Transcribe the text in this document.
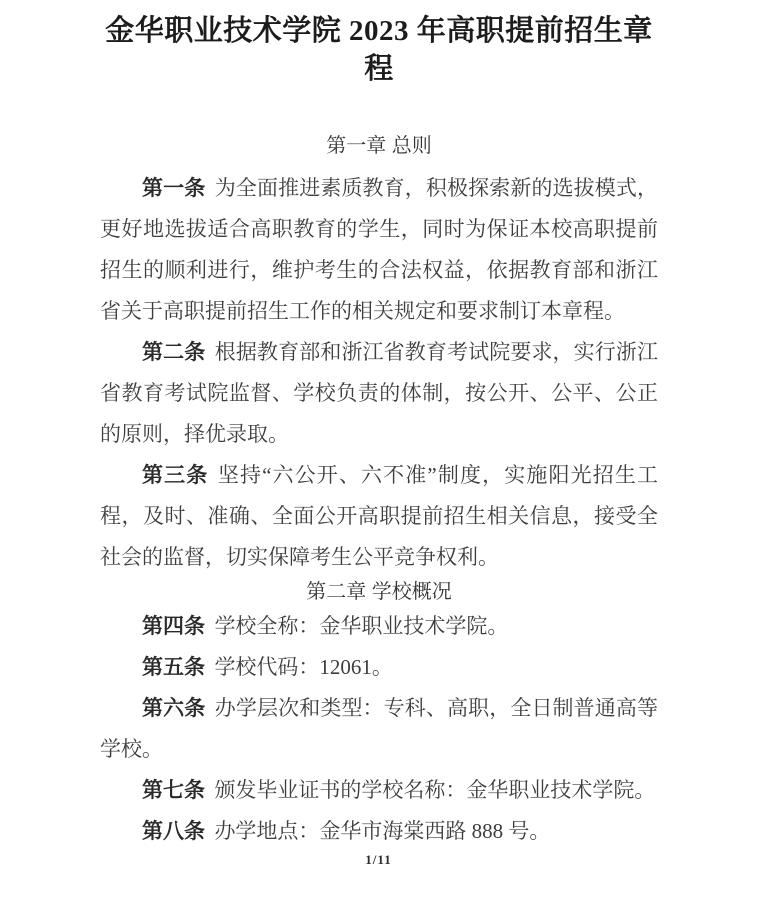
金华职业技术学院 2023 年高职提前招生章程
第一章 总则

第一条 为全面推进素质教育，积极探索新的选拔模式，更好地选拔适合高职教育的学生，同时为保证本校高职提前招生的顺利进行，维护考生的合法权益，依据教育部和浙江省关于高职提前招生工作的相关规定和要求制订本章程。

第二条 根据教育部和浙江省教育考试院要求，实行浙江省教育考试院监督、学校负责的体制，按公开、公平、公正的原则，择优录取。

第三条 坚持“六公开、六不准”制度，实施阳光招生工程，及时、准确、全面公开高职提前招生相关信息，接受全社会的监督，切实保障考生公平竞争权利。

第二章 学校概况

第四条 学校全称：金华职业技术学院。

第五条 学校代码：12061。

第六条 办学层次和类型：专科、高职，全日制普通高等学校。

第七条 颁发毕业证书的学校名称：金华职业技术学院。

第八条 办学地点：金华市海棠西路 888 号。

1/11
